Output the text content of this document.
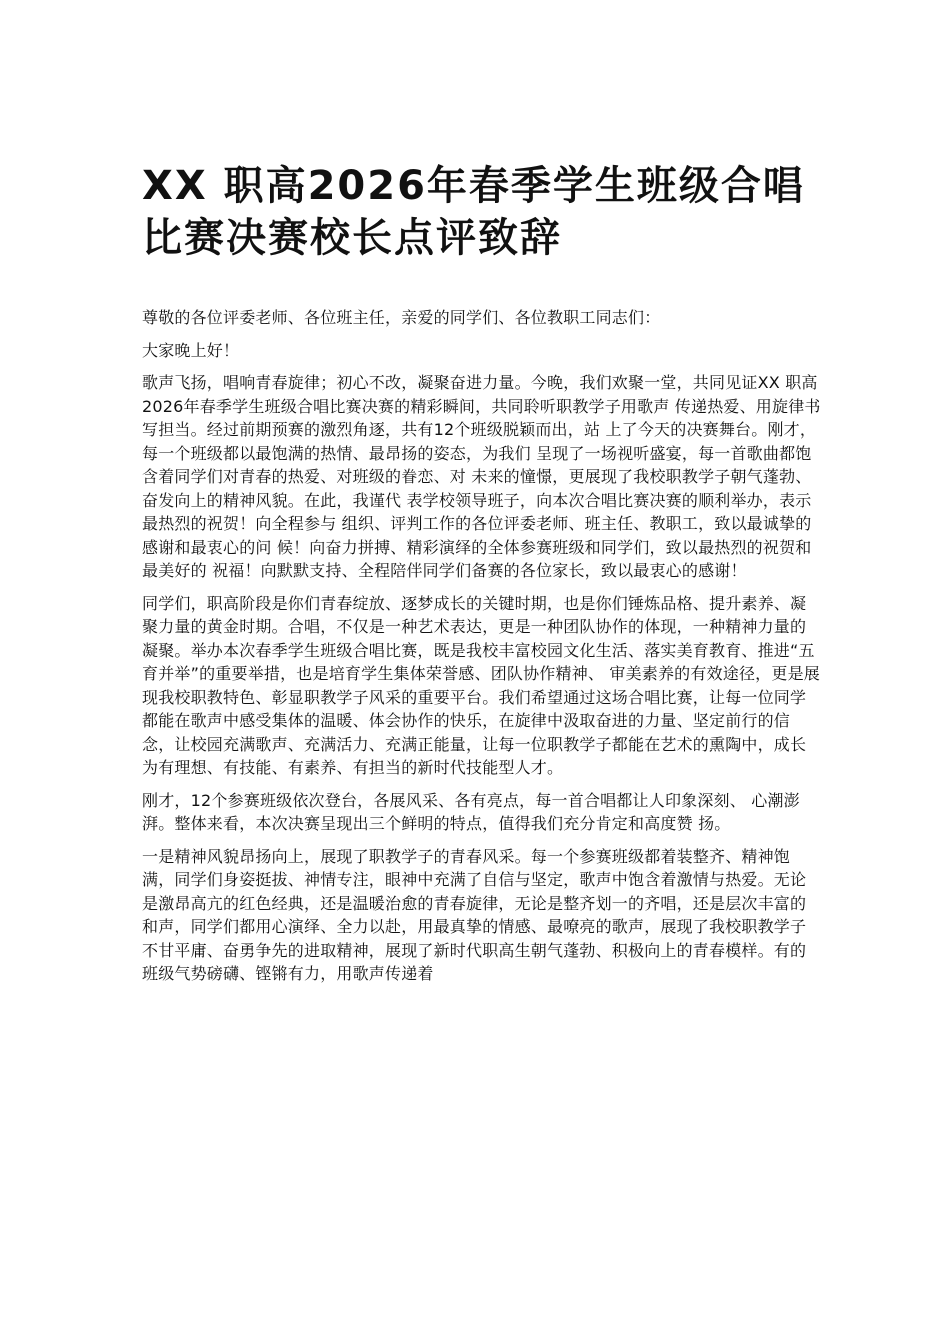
XX 职高2026年春季学生班级合唱 比赛决赛校长点评致辞

尊敬的各位评委老师、各位班主任，亲爱的同学们、各位教职工同志们：

大家晚上好！

歌声飞扬，唱响青春旋律；初心不改，凝聚奋进力量。今晚，我们欢聚一堂，共同见证XX 职高2026年春季学生班级合唱比赛决赛的精彩瞬间，共同聆听职教学子用歌声 传递热爱、用旋律书写担当。经过前期预赛的激烈角逐，共有12个班级脱颖而出，站 上了今天的决赛舞台。刚才，每一个班级都以最饱满的热情、最昂扬的姿态，为我们 呈现了一场视听盛宴，每一首歌曲都饱含着同学们对青春的热爱、对班级的眷恋、对 未来的憧憬，更展现了我校职教学子朝气蓬勃、奋发向上的精神风貌。在此，我谨代 表学校领导班子，向本次合唱比赛决赛的顺利举办，表示最热烈的祝贺！向全程参与 组织、评判工作的各位评委老师、班主任、教职工，致以最诚挚的感谢和最衷心的问 候！向奋力拼搏、精彩演绎的全体参赛班级和同学们，致以最热烈的祝贺和最美好的 祝福！向默默支持、全程陪伴同学们备赛的各位家长，致以最衷心的感谢！

同学们，职高阶段是你们青春绽放、逐梦成长的关键时期，也是你们锤炼品格、提升素养、凝聚力量的黄金时期。合唱，不仅是一种艺术表达，更是一种团队协作的体现，一种精神力量的凝聚。举办本次春季学生班级合唱比赛，既是我校丰富校园文化生活、落实美育教育、推进“五育并举”的重要举措，也是培育学生集体荣誉感、团队协作精神、 审美素养的有效途径，更是展现我校职教特色、彰显职教学子风采的重要平台。我们希望通过这场合唱比赛，让每一位同学都能在歌声中感受集体的温暖、体会协作的快乐，在旋律中汲取奋进的力量、坚定前行的信念，让校园充满歌声、充满活力、充满正能量，让每一位职教学子都能在艺术的熏陶中，成长为有理想、有技能、有素养、有担当的新时代技能型人才。

刚才，12个参赛班级依次登台，各展风采、各有亮点，每一首合唱都让人印象深刻、 心潮澎湃。整体来看，本次决赛呈现出三个鲜明的特点，值得我们充分肯定和高度赞 扬。

一是精神风貌昂扬向上，展现了职教学子的青春风采。每一个参赛班级都着装整齐、精神饱满，同学们身姿挺拔、神情专注，眼神中充满了自信与坚定，歌声中饱含着激情与热爱。无论是激昂高亢的红色经典，还是温暖治愈的青春旋律，无论是整齐划一的齐唱，还是层次丰富的和声，同学们都用心演绎、全力以赴，用最真挚的情感、最嘹亮的歌声，展现了我校职教学子不甘平庸、奋勇争先的进取精神，展现了新时代职高生朝气蓬勃、积极向上的青春模样。有的班级气势磅礴、铿锵有力，用歌声传递着
